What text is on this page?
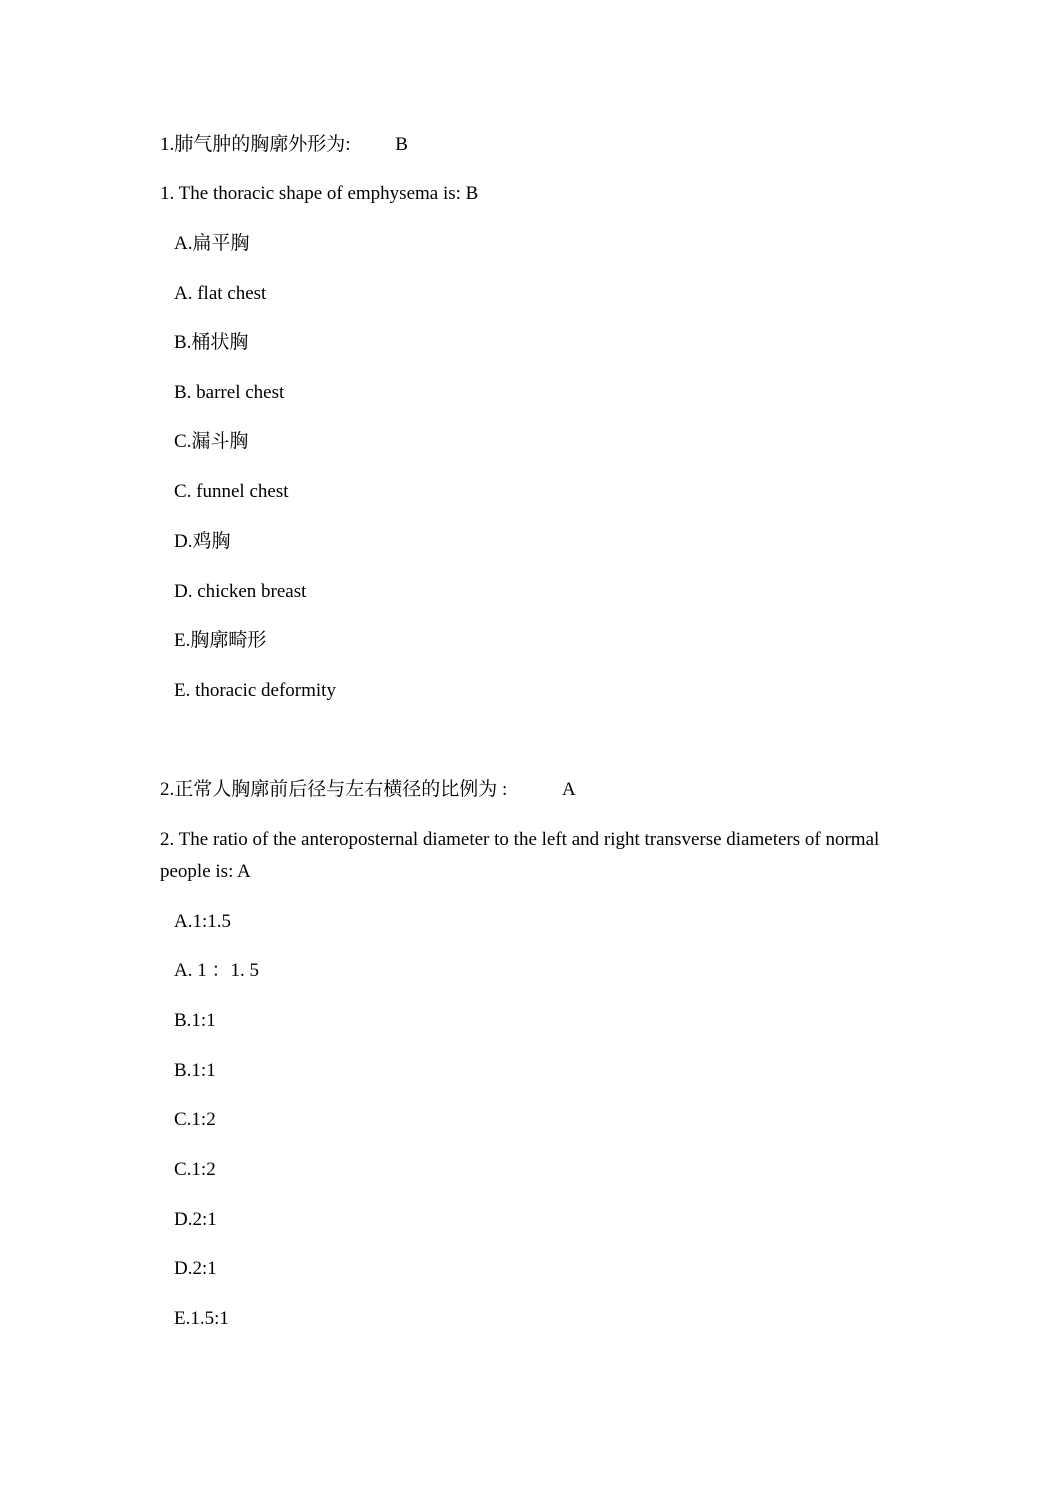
1.肺气肿的胸廓外形为: B
1. The thoracic shape of emphysema is: B
A.扁平胸
A. flat chest
B.桶状胸
B. barrel chest
C.漏斗胸
C. funnel chest
D.鸡胸
D. chicken breast
E.胸廓畸形
E. thoracic deformity
2.正常人胸廓前后径与左右横径的比例为 :	A
2. The ratio of the anteroposternal diameter to the left and right transverse diameters of normal people is: A
A.1:1.5
A. 1 ：1. 5
B.1:1
B.1:1
C.1:2
C.1:2
D.2:1
D.2:1
E.1.5:1
